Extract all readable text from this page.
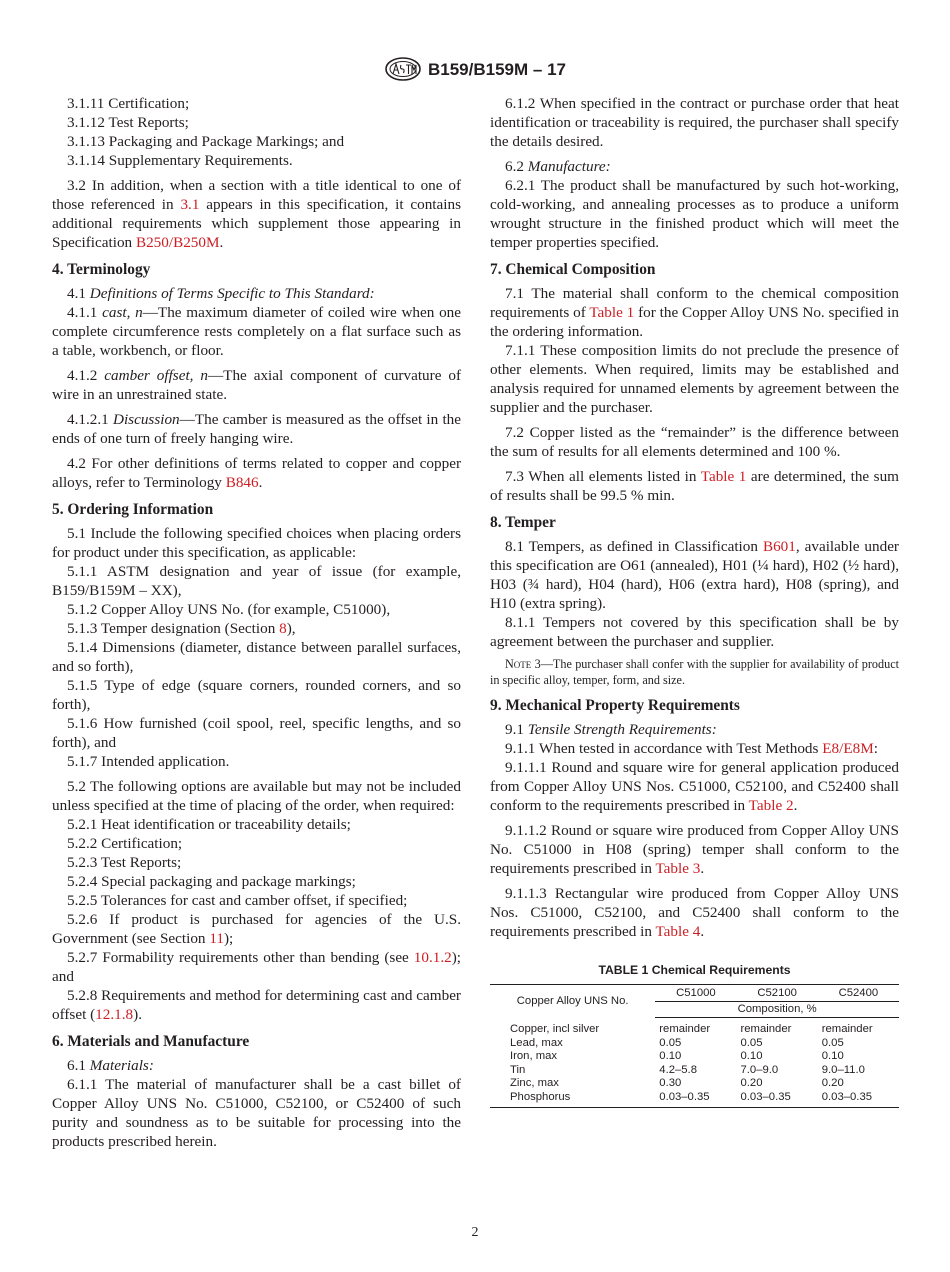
B159/B159M – 17
3.1.11 Certification;
3.1.12 Test Reports;
3.1.13 Packaging and Package Markings; and
3.1.14 Supplementary Requirements.
3.2 In addition, when a section with a title identical to one of those referenced in 3.1 appears in this specification, it contains additional requirements which supplement those appearing in Specification B250/B250M.
4. Terminology
4.1 Definitions of Terms Specific to This Standard:
4.1.1 cast, n—The maximum diameter of coiled wire when one complete circumference rests completely on a flat surface such as a table, workbench, or floor.
4.1.2 camber offset, n—The axial component of curvature of wire in an unrestrained state.
4.1.2.1 Discussion—The camber is measured as the offset in the ends of one turn of freely hanging wire.
4.2 For other definitions of terms related to copper and copper alloys, refer to Terminology B846.
5. Ordering Information
5.1 Include the following specified choices when placing orders for product under this specification, as applicable:
5.1.1 ASTM designation and year of issue (for example, B159/B159M – XX),
5.1.2 Copper Alloy UNS No. (for example, C51000),
5.1.3 Temper designation (Section 8),
5.1.4 Dimensions (diameter, distance between parallel surfaces, and so forth),
5.1.5 Type of edge (square corners, rounded corners, and so forth),
5.1.6 How furnished (coil spool, reel, specific lengths, and so forth), and
5.1.7 Intended application.
5.2 The following options are available but may not be included unless specified at the time of placing of the order, when required:
5.2.1 Heat identification or traceability details;
5.2.2 Certification;
5.2.3 Test Reports;
5.2.4 Special packaging and package markings;
5.2.5 Tolerances for cast and camber offset, if specified;
5.2.6 If product is purchased for agencies of the U.S. Government (see Section 11);
5.2.7 Formability requirements other than bending (see 10.1.2); and
5.2.8 Requirements and method for determining cast and camber offset (12.1.8).
6. Materials and Manufacture
6.1 Materials:
6.1.1 The material of manufacturer shall be a cast billet of Copper Alloy UNS No. C51000, C52100, or C52400 of such purity and soundness as to be suitable for processing into the products prescribed herein.
6.1.2 When specified in the contract or purchase order that heat identification or traceability is required, the purchaser shall specify the details desired.
6.2 Manufacture:
6.2.1 The product shall be manufactured by such hot-working, cold-working, and annealing processes as to produce a uniform wrought structure in the finished product which will meet the temper properties specified.
7. Chemical Composition
7.1 The material shall conform to the chemical composition requirements of Table 1 for the Copper Alloy UNS No. specified in the ordering information.
7.1.1 These composition limits do not preclude the presence of other elements. When required, limits may be established and analysis required for unnamed elements by agreement between the supplier and the purchaser.
7.2 Copper listed as the “remainder” is the difference between the sum of results for all elements determined and 100 %.
7.3 When all elements listed in Table 1 are determined, the sum of results shall be 99.5 % min.
8. Temper
8.1 Tempers, as defined in Classification B601, available under this specification are O61 (annealed), H01 (¼ hard), H02 (½ hard), H03 (¾ hard), H04 (hard), H06 (extra hard), H08 (spring), and H10 (extra spring).
8.1.1 Tempers not covered by this specification shall be by agreement between the purchaser and supplier.
Note 3—The purchaser shall confer with the supplier for availability of product in specific alloy, temper, form, and size.
9. Mechanical Property Requirements
9.1 Tensile Strength Requirements:
9.1.1 When tested in accordance with Test Methods E8/E8M:
9.1.1.1 Round and square wire for general application produced from Copper Alloy UNS Nos. C51000, C52100, and C52400 shall conform to the requirements prescribed in Table 2.
9.1.1.2 Round or square wire produced from Copper Alloy UNS No. C51000 in H08 (spring) temper shall conform to the requirements prescribed in Table 3.
9.1.1.3 Rectangular wire produced from Copper Alloy UNS Nos. C51000, C52100, and C52400 shall conform to the requirements prescribed in Table 4.
TABLE 1 Chemical Requirements
Copper Alloy UNS No.	C51000	C52100	C52400
	Composition, %		
Copper, incl silver	remainder	remainder	remainder
Lead, max	0.05	0.05	0.05
Iron, max	0.10	0.10	0.10
Tin	4.2–5.8	7.0–9.0	9.0–11.0
Zinc, max	0.30	0.20	0.20
Phosphorus	0.03–0.35	0.03–0.35	0.03–0.35
2
